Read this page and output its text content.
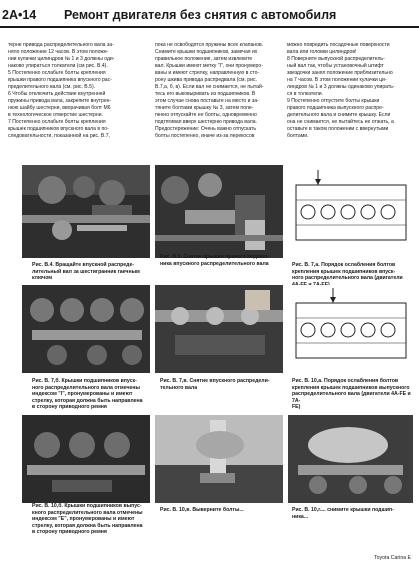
2A•14 Ремонт двигателя без снятия с автомобиля
терне привода распределительного вала за-
няло положение 12 часов. В этом положе-
нии кулачки цилиндров № 1 и 3 должны оди-
наково упиратъся толкатели (см рис. В.4).
5 Постепенно ослабьте болты крепления
крышки правого подшипника впускного рас-
пределительного вала (см. рис. В.5).
6 Чтобы отключить действие внутренней
пружины привода вала, закрепите внутрен-
нюю шайбу шестерни, вворачивая болт М6
в технологическое отверстие шестерни.
7 Постепенно ослабьте болты крепления
крышек подшипников впускного вала в по-
следовательности, показанной на рис. В.7,
пока не освободятся пружины всех клапанов.
Снимите крышки подшипников, замечая их
правильное положение, затем извлеките
вал. Крышки имеют метку "I", они пронумеро-
ваны и имеют стрелку, направленную в сто-
рону шкива привода распредвала (см. рис.
В.7,а, б, в). Если вал не снимается, не пытай-
тесь его выковыривать из подшипников. В
этом случае снова поставьте на место и за-
тяните болтами крышку № 3, затем поле-
пенно отпускайте ее болты, одновременно
подтягивая вверх шестерню привода вала.
Предостережение: Очень важно отпускать
болты постепенно, иначе из-за перекосов
можно повредить посадочные поверхности
вала или головки цилиндров!
8 Поверните выпускной распределитель-
ный вал так, чтобы установочный штифт
звездочки занял положение приблизительно
на 7 часов. В этом положении кулачки ци-
линдров № 1 и 3 должны одинаково упирать-
ся в толкатели.
9 Постепенно отпустите болты крышки
правого подшипника выпускного распре-
делительного вала и снимите крышку. Если
она не снимается, не пытайтесь ее отжать, а
оставьте в таком положении с ввернутыми
болтами.
Рис. В.4. Вращайте впускной распреде-
лительный вал за шестигранник гаечным
ключом
Рис. В.5. Снятие крышки правого подшип-
ника впускного распределительного вала	Рис. В. 7,а. Порядок ослабления болтов
крепления крышек подшипников впуск-
ного распределительного вала (двигатели

Рис. В. 7,б. Крышки подшипников впуск-
ного распределительного вала отмечены
индексом "I", пронумерованы и имеют
стрелку, которая должна быть направлена
в сторону приводного ремня
Рис. В. 7,в. Снятие впускного распредели-
тельного вала
Рис. В. 10,а. Порядок ослабления болтов
крепления крышек подшипников выпускного
распределительного вала (двигатели 4A-FE и 7A-
FE)
Рис. В. 10,б. Крышки подшипников выпус-
кного распределительного вала отмечены
индексом "E", пронумерованы и имеют
стрелку, которая должна быть направлена
в сторону приводного ремня
Рис. В. 10,в. Выверните болты...	Рис. В. 10,г.... снимите крышки подшип-
ника...
Toyota Carina E
